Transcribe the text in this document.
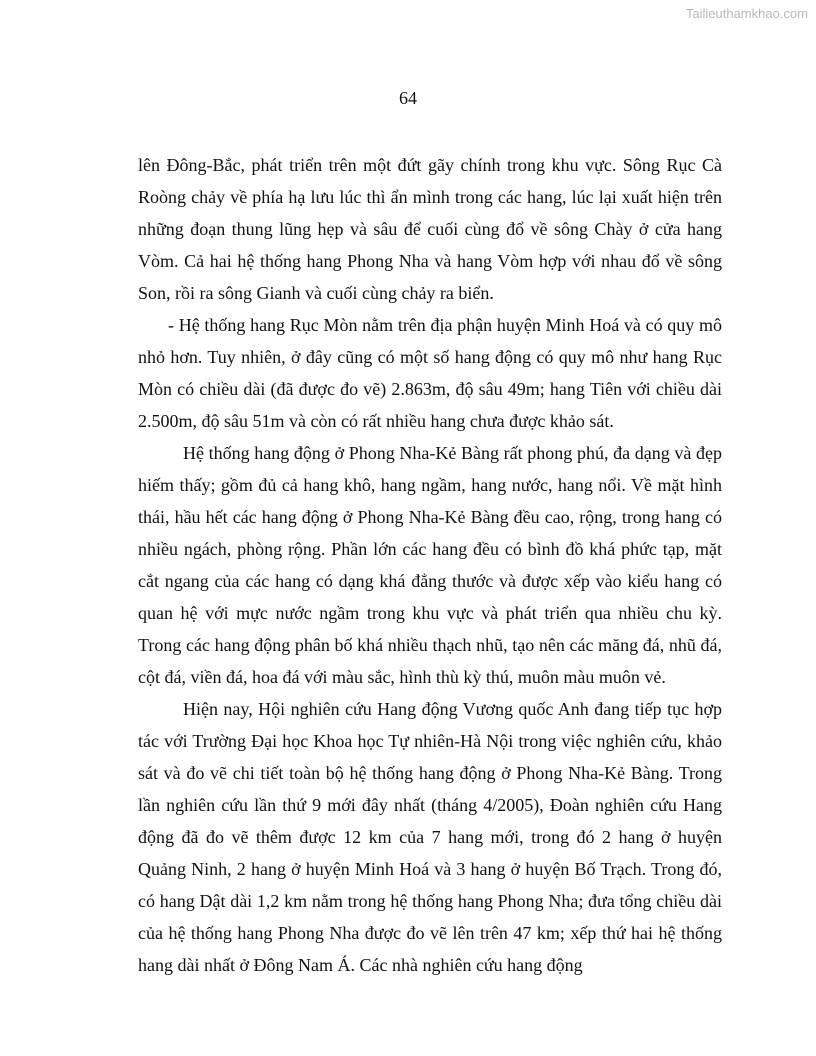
Tailieuthamkhao.com
64

lên Đông-Bắc, phát triển trên một đứt gãy chính trong khu vực. Sông Rục Cà Roòng chảy về phía hạ lưu lúc thì ẩn mình trong các hang, lúc lại xuất hiện trên những đoạn thung lũng hẹp và sâu để cuối cùng đổ về sông Chày ở cửa hang Vòm. Cả hai hệ thống hang Phong Nha và hang Vòm hợp với nhau đổ về sông Son, rồi ra sông Gianh và cuối cùng chảy ra biển.

- Hệ thống hang Rục Mòn nằm trên địa phận huyện Minh Hoá và có quy mô nhỏ hơn. Tuy nhiên, ở đây cũng có một số hang động có quy mô như hang Rục Mòn có chiều dài (đã được đo vẽ) 2.863m, độ sâu 49m; hang Tiên với chiều dài 2.500m, độ sâu 51m và còn có rất nhiều hang chưa được khảo sát.

Hệ thống hang động ở Phong Nha-Kẻ Bàng rất phong phú, đa dạng và đẹp hiếm thấy; gồm đủ cả hang khô, hang ngầm, hang nước, hang nổi. Về mặt hình thái, hầu hết các hang động ở Phong Nha-Kẻ Bàng đều cao, rộng, trong hang có nhiều ngách, phòng rộng. Phần lớn các hang đều có bình đồ khá phức tạp, mặt cắt ngang của các hang có dạng khá đẳng thước và được xếp vào kiểu hang có quan hệ với mực nước ngầm trong khu vực và phát triển qua nhiều chu kỳ. Trong các hang động phân bố khá nhiều thạch nhũ, tạo nên các măng đá, nhũ đá, cột đá, viền đá, hoa đá với màu sắc, hình thù kỳ thú, muôn màu muôn vẻ.

Hiện nay, Hội nghiên cứu Hang động Vương quốc Anh đang tiếp tục hợp tác với Trường Đại học Khoa học Tự nhiên-Hà Nội trong việc nghiên cứu, khảo sát và đo vẽ chi tiết toàn bộ hệ thống hang động ở Phong Nha-Kẻ Bàng. Trong lần nghiên cứu lần thứ 9 mới đây nhất (tháng 4/2005), Đoàn nghiên cứu Hang động đã đo vẽ thêm được 12 km của 7 hang mới, trong đó 2 hang ở huyện Quảng Ninh, 2 hang ở huyện Minh Hoá và 3 hang ở huyện Bố Trạch. Trong đó, có hang Dật dài 1,2 km nằm trong hệ thống hang Phong Nha; đưa tổng chiều dài của hệ thống hang Phong Nha được đo vẽ lên trên 47 km; xếp thứ hai hệ thống hang dài nhất ở Đông Nam Á. Các nhà nghiên cứu hang động
